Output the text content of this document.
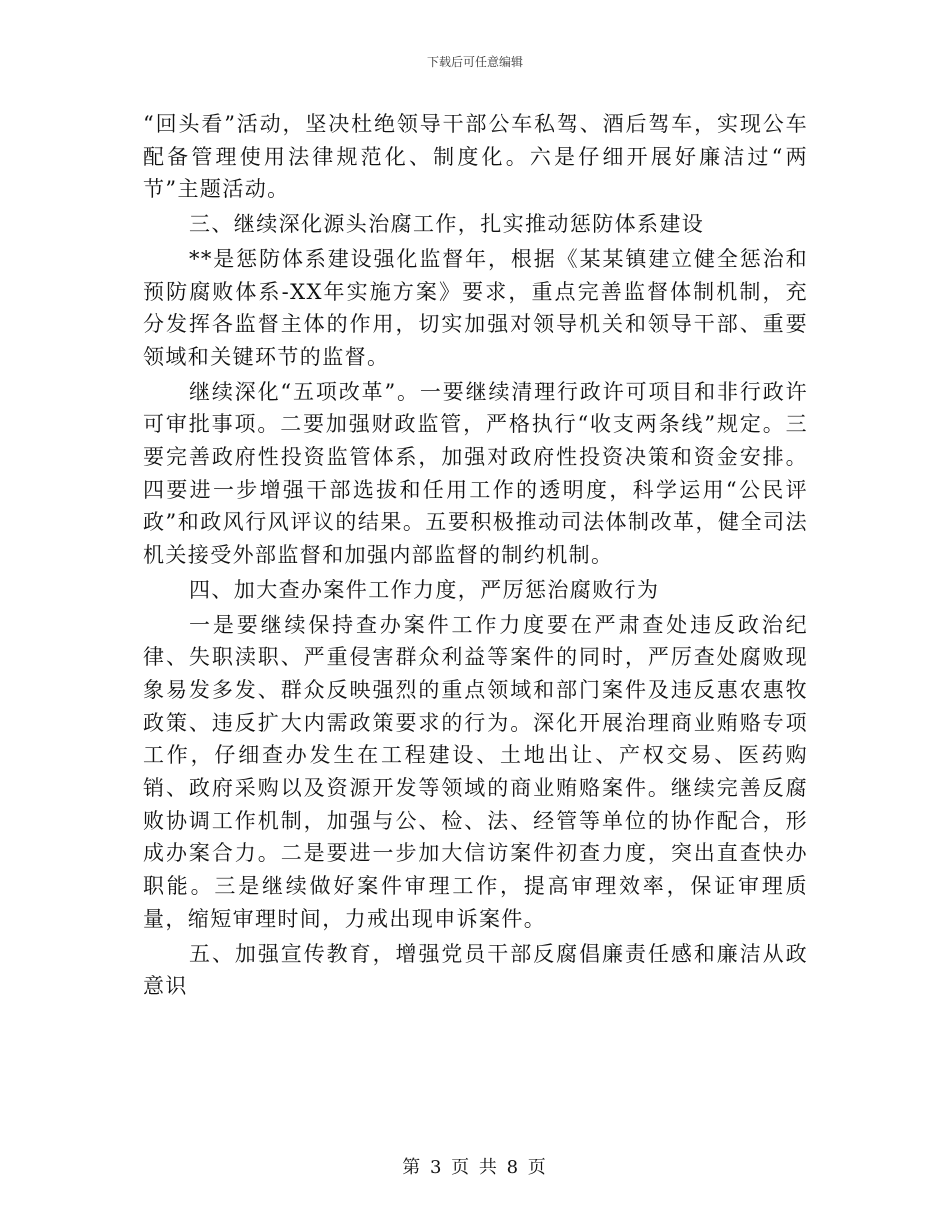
下载后可任意编辑

“回头看”活动，坚决杜绝领导干部公车私驾、酒后驾车，实现公车配备管理使用法律规范化、制度化。六是仔细开展好廉洁过“两节”主题活动。

三、继续深化源头治腐工作，扎实推动惩防体系建设

**是惩防体系建设强化监督年，根据《某某镇建立健全惩治和预防腐败体系-XX年实施方案》要求，重点完善监督体制机制，充分发挥各监督主体的作用，切实加强对领导机关和领导干部、重要领域和关键环节的监督。

继续深化“五项改革”。一要继续清理行政许可项目和非行政许可审批事项。二要加强财政监管，严格执行“收支两条线”规定。三要完善政府性投资监管体系，加强对政府性投资决策和资金安排。四要进一步增强干部选拔和任用工作的透明度，科学运用“公民评政”和政风行风评议的结果。五要积极推动司法体制改革，健全司法机关接受外部监督和加强内部监督的制约机制。

四、加大查办案件工作力度，严厉惩治腐败行为

一是要继续保持查办案件工作力度要在严肃查处违反政治纪律、失职渎职、严重侵害群众利益等案件的同时，严厉查处腐败现象易发多发、群众反映强烈的重点领域和部门案件及违反惠农惠牧政策、违反扩大内需政策要求的行为。深化开展治理商业贿赂专项工作，仔细查办发生在工程建设、土地出让、产权交易、医药购销、政府采购以及资源开发等领域的商业贿赂案件。继续完善反腐败协调工作机制，加强与公、检、法、经管等单位的协作配合，形成办案合力。二是要进一步加大信访案件初查力度，突出直查快办职能。三是继续做好案件审理工作，提高审理效率，保证审理质量，缩短审理时间，力戒出现申诉案件。

五、加强宣传教育，增强党员干部反腐倡廉责任感和廉洁从政意识

第 3 页 共 8 页
